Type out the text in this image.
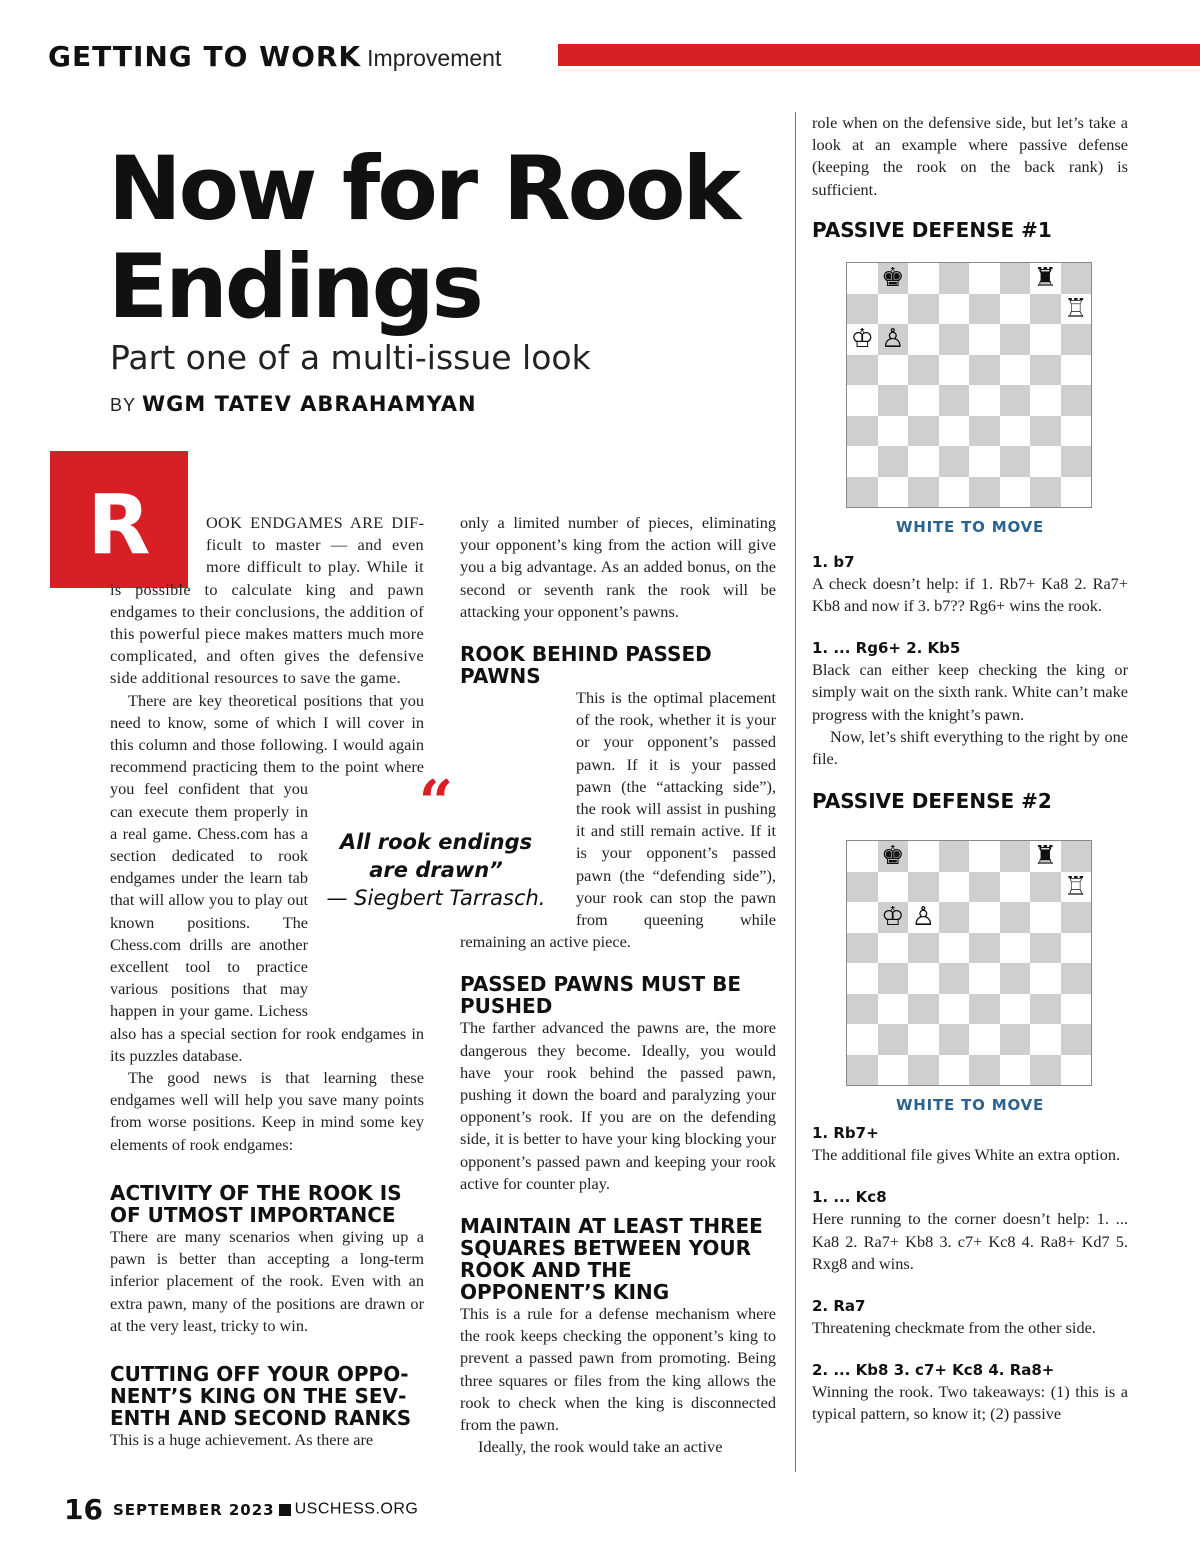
GETTING TO WORK Improvement
Now for Rook Endings
Part one of a multi-issue look
BY WGM TATEV ABRAHAMYAN
R	OOK ENDGAMES ARE DIFficult to master — and even more difficult to play. While it is possible to calculate king and pawn endgames to their conclusions, the addition of this powerful piece makes matters much more complicated, and often gives the defensive side additional resources to save the game.

There are key theoretical positions that you need to know, some of which I will cover in this column and those following. I would again recommend practicing them to the point where you feel confident that you can execute them properly in a real game. Chess.com has a section dedicated to rook endgames under the learn tab that will allow you to play out known positions. The Chess.com drills are another excellent tool to practice various positions that may happen in your game. Lichess also has a special section for rook endgames in its puzzles database.

The good news is that learning these endgames well will help you save many points from worse positions. Keep in mind some key elements of rook endgames:

ACTIVITY OF THE ROOK IS OF UTMOST IMPORTANCE

There are many scenarios when giving up a pawn is better than accepting a long-term inferior placement of the rook. Even with an extra pawn, many of the positions are drawn or at the very least, tricky to win.

CUTTING OFF YOUR OPPONENT’S KING ON THE SEVENTH AND SECOND RANKS

This is a huge achievement. As there are

only a limited number of pieces, eliminating your opponent’s king from the action will give you a big advantage. As an added bonus, on the second or seventh rank the rook will be attacking your opponent’s pawns.

ROOK BEHIND PASSED PAWNS

This is the optimal placement of the rook, whether it is your or your opponent’s passed pawn. If it is your passed pawn (the “attacking side”), the rook will assist in pushing it and still remain active. If it is your opponent’s passed pawn (the “defending side”), your rook can stop the pawn from queening while remaining an active piece.

PASSED PAWNS MUST BE PUSHED

The farther advanced the pawns are, the more dangerous they become. Ideally, you would have your rook behind the passed pawn, pushing it down the board and paralyzing your opponent’s rook. If you are on the defending side, it is better to have your king blocking your opponent’s passed pawn and keeping your rook active for counter play.

MAINTAIN AT LEAST THREE SQUARES BETWEEN YOUR ROOK AND THE OPPONENT’S KING

This is a rule for a defense mechanism where the rook keeps checking the opponent’s king to prevent a passed pawn from promoting. Being three squares or files from the king allows the rook to check when the king is disconnected from the pawn.

Ideally, the rook would take an active

“
All rook endings are drawn”
— Siegbert Tarrasch.

role when on the defensive side, but let’s take a look at an example where passive defense (keeping the rook on the back rank) is sufficient.

PASSIVE DEFENSE #1

1. b7

A check doesn’t help: if 1. Rb7+ Ka8 2. Ra7+ Kb8 and now if 3. b7?? Rg6+ wins the rook.

1. ... Rg6+ 2. Kb5

Black can either keep checking the king or simply wait on the sixth rank. White can’t make progress with the knight’s pawn.

Now, let’s shift everything to the right by one file.

PASSIVE DEFENSE #2

1. Rb7+

The additional file gives White an extra option.

1. ... Kc8

Here running to the corner doesn’t help: 1. ... Ka8 2. Ra7+ Kb8 3. c7+ Kc8 4. Ra8+ Kd7 5. Rxg8 and wins.

2. Ra7

Threatening checkmate from the other side.

2. ... Kb8 3. c7+ Kc8 4. Ra8+

Winning the rook. Two takeaways: (1) this is a typical pattern, so know it; (2) passive

♚	♜
♖
♔ ♙
WHITE TO MOVE
♚	♜
♖
♔ ♙
WHITE TO MOVE
16 SEPTEMBER 2023 USCHESS.ORG
